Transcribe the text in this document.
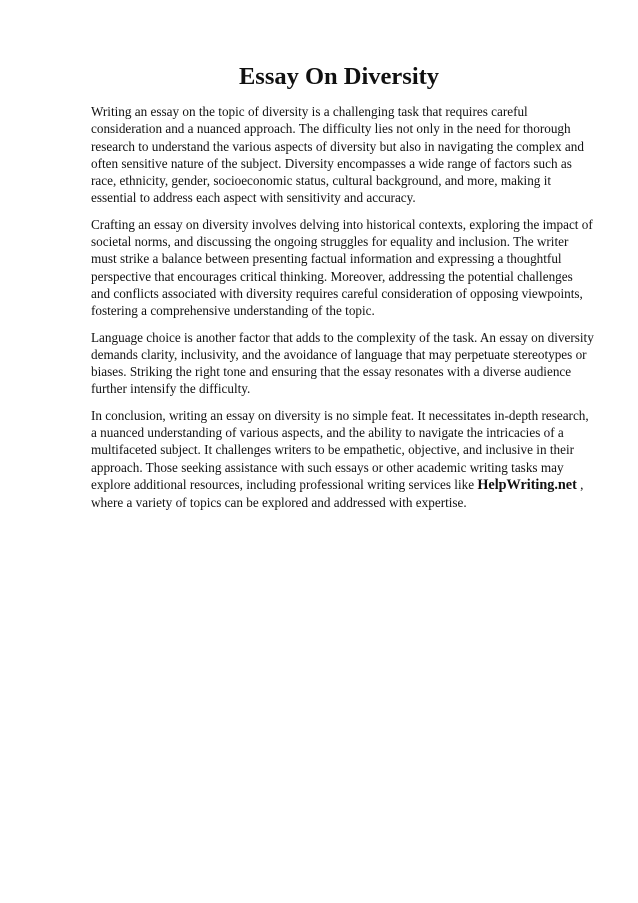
Essay On Diversity

Writing an essay on the topic of diversity is a challenging task that requires careful consideration and a nuanced approach. The difficulty lies not only in the need for thorough research to understand the various aspects of diversity but also in navigating the complex and often sensitive nature of the subject. Diversity encompasses a wide range of factors such as race, ethnicity, gender, socioeconomic status, cultural background, and more, making it essential to address each aspect with sensitivity and accuracy.

Crafting an essay on diversity involves delving into historical contexts, exploring the impact of societal norms, and discussing the ongoing struggles for equality and inclusion. The writer must strike a balance between presenting factual information and expressing a thoughtful perspective that encourages critical thinking. Moreover, addressing the potential challenges and conflicts associated with diversity requires careful consideration of opposing viewpoints, fostering a comprehensive understanding of the topic.

Language choice is another factor that adds to the complexity of the task. An essay on diversity demands clarity, inclusivity, and the avoidance of language that may perpetuate stereotypes or biases. Striking the right tone and ensuring that the essay resonates with a diverse audience further intensify the difficulty.

In conclusion, writing an essay on diversity is no simple feat. It necessitates in-depth research, a nuanced understanding of various aspects, and the ability to navigate the intricacies of a multifaceted subject. It challenges writers to be empathetic, objective, and inclusive in their approach. Those seeking assistance with such essays or other academic writing tasks may explore additional resources, including professional writing services like HelpWriting.net , where a variety of topics can be explored and addressed with expertise.
